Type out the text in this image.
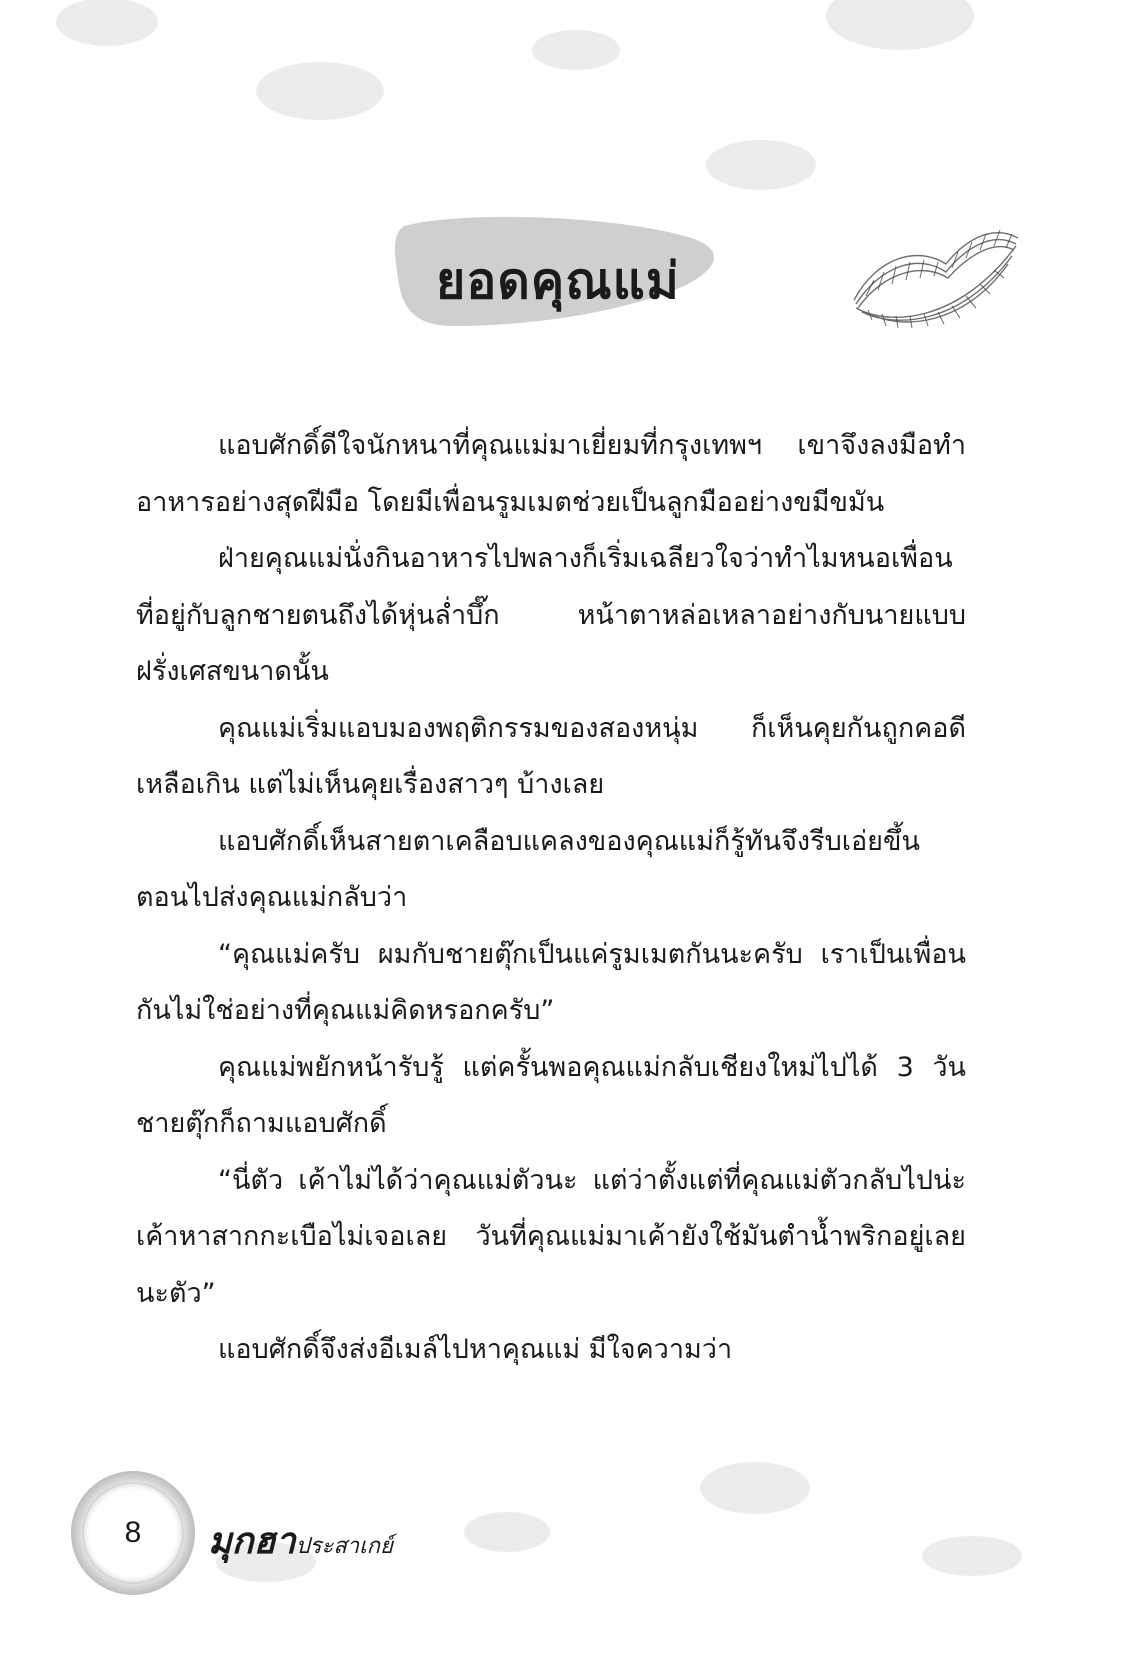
ยอดคุณแม่

แอบศักดิ์ดีใจนักหนาที่คุณแม่มาเยี่ยมที่กรุงเทพฯ เขาจึงลงมือทำอาหารอย่างสุดฝีมือ โดยมีเพื่อนรูมเมตช่วยเป็นลูกมืออย่างขมีขมัน

ฝ่ายคุณแม่นั่งกินอาหารไปพลางก็เริ่มเฉลียวใจว่าทำไมหนอเพื่อนที่อยู่กับลูกชายตนถึงได้หุ่นล่ำบึ๊ก หน้าตาหล่อเหลาอย่างกับนายแบบฝรั่งเศสขนาดนั้น

คุณแม่เริ่มแอบมองพฤติกรรมของสองหนุ่ม ก็เห็นคุยกันถูกคอดีเหลือเกิน แต่ไม่เห็นคุยเรื่องสาวๆ บ้างเลย

แอบศักดิ์เห็นสายตาเคลือบแคลงของคุณแม่ก็รู้ทันจึงรีบเอ่ยขึ้นตอนไปส่งคุณแม่กลับว่า

“คุณแม่ครับ ผมกับชายตุ๊กเป็นแค่รูมเมตกันนะครับ เราเป็นเพื่อนกันไม่ใช่อย่างที่คุณแม่คิดหรอกครับ”

คุณแม่พยักหน้ารับรู้ แต่ครั้นพอคุณแม่กลับเชียงใหม่ไปได้ 3 วัน ชายตุ๊กก็ถามแอบศักดิ์

“นี่ตัว เค้าไม่ได้ว่าคุณแม่ตัวนะ แต่ว่าตั้งแต่ที่คุณแม่ตัวกลับไปน่ะเค้าหาสากกะเบือไม่เจอเลย วันที่คุณแม่มาเค้ายังใช้มันตำน้ำพริกอยู่เลยนะตัว”

แอบศักดิ์จึงส่งอีเมล์ไปหาคุณแม่ มีใจความว่า

8	มุกฮาประสาเกย์
